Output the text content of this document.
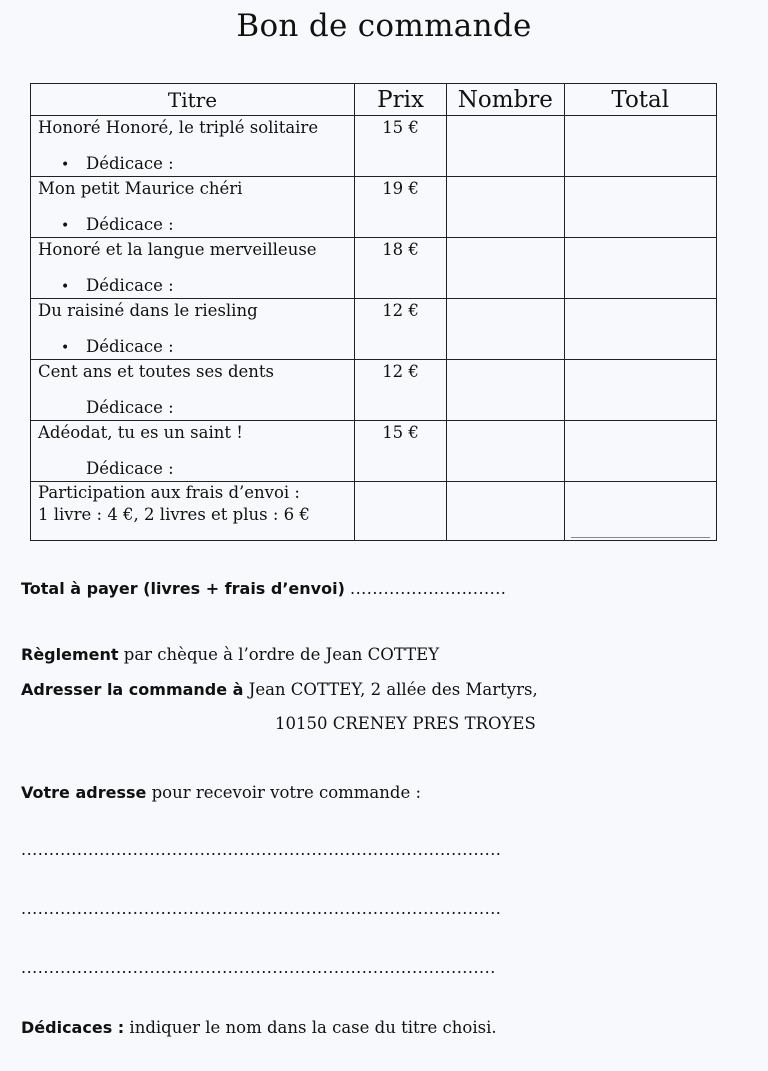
Bon de commande
Titre	Prix	Nombre	Total

Honoré Honoré, le triplé solitaire
• Dédicace :	15 €		

Mon petit Maurice chéri
• Dédicace :	19 €		

Honoré et la langue merveilleuse
• Dédicace :	18 €		

Du raisiné dans le riesling
• Dédicace :	12 €		

Cent ans et toutes ses dents
Dédicace :	12 €		

Adéodat, tu es un saint !
Dédicace :	15 €		

Participation aux frais d’envoi :
1 livre : 4 €, 2 livres et plus : 6 €			

Total à payer (livres + frais d’envoi) ............................
Règlement par chèque à l’ordre de Jean COTTEY
Adresser la commande à Jean COTTEY, 2 allée des Martyrs,
10150 CRENEY PRES TROYES
Votre adresse pour recevoir votre commande :
......................................................................................
......................................................................................
.....................................................................................
Dédicaces : indiquer le nom dans la case du titre choisi.
